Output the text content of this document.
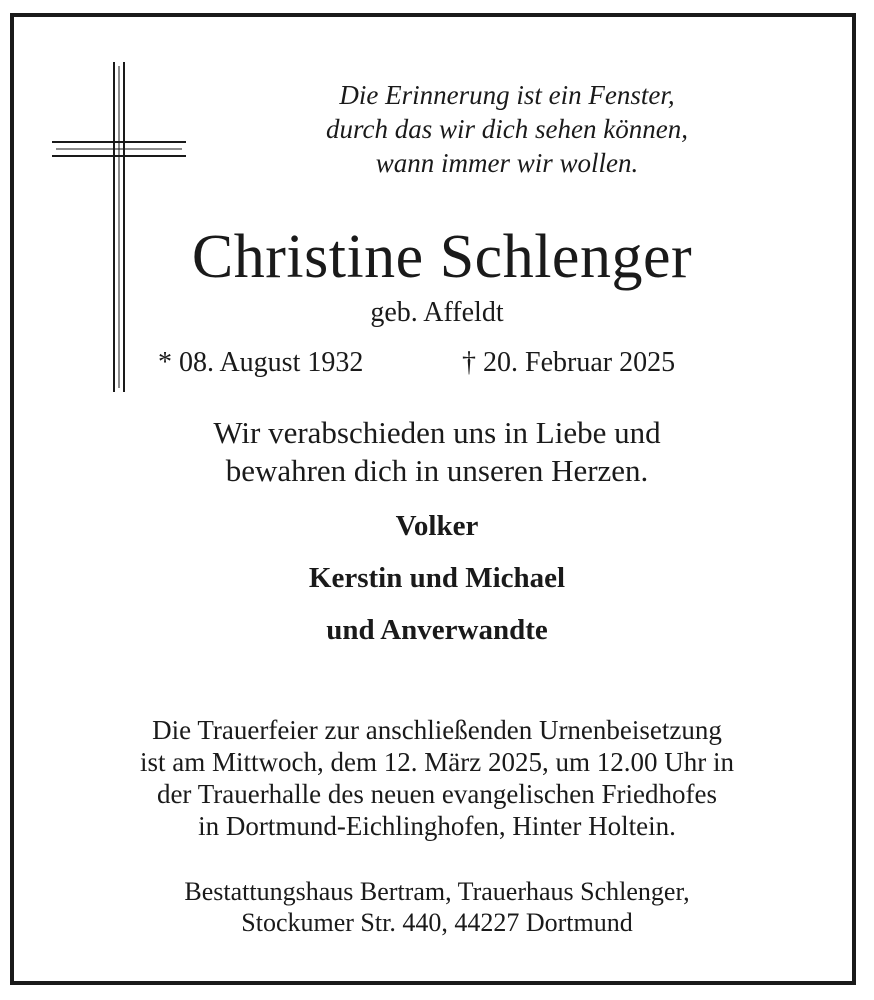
Die Erinnerung ist ein Fenster,
durch das wir dich sehen können,
wann immer wir wollen.
Christine Schlenger
geb. Affeldt
* 08. August 1932	† 20. Februar 2025
Wir verabschieden uns in Liebe und
bewahren dich in unseren Herzen.
Volker
Kerstin und Michael
und Anverwandte
Die Trauerfeier zur anschließenden Urnenbeisetzung
ist am Mittwoch, dem 12. März 2025, um 12.00 Uhr in
der Trauerhalle des neuen evangelischen Friedhofes
in Dortmund-Eichlinghofen, Hinter Holtein.
Bestattungshaus Bertram, Trauerhaus Schlenger,
Stockumer Str. 440, 44227 Dortmund
